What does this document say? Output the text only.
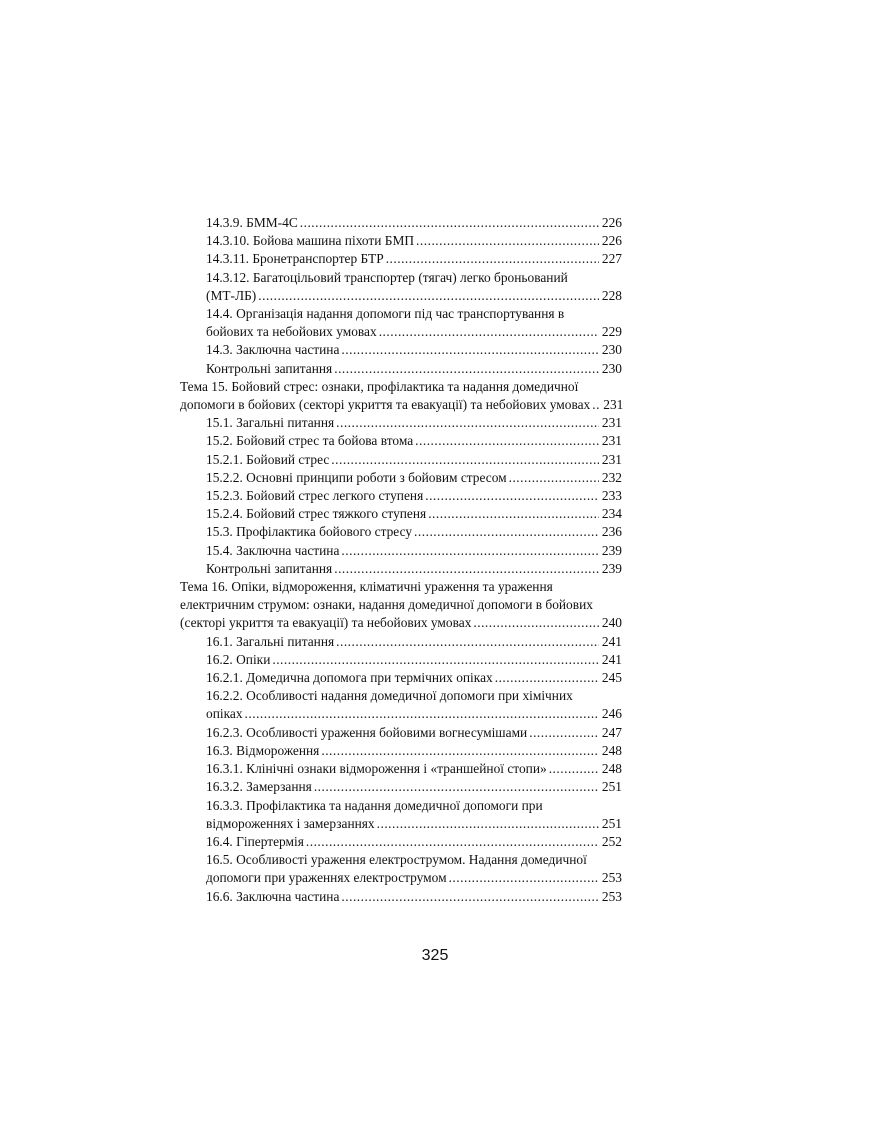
14.3.9. БММ-4С .....	226
14.3.10. Бойова машина піхоти БМП .....	226
14.3.11. Бронетранспортер БТР .....	227
14.3.12. Багатоцільовий транспортер (тягач) легко броньований
(МТ-ЛБ) .....	228
14.4. Організація надання допомоги під час транспортування в
бойових та небойових умовах .....	229
14.3. Заключна частина .....	230
Контрольні запитання .....	230
Тема 15. Бойовий стрес: ознаки, профілактика та надання домедичної
допомоги в бойових (секторі укриття та евакуації) та небойових умовах ..... 231
15.1. Загальні питання .....	231
15.2. Бойовий стрес та бойова втома .....	231
15.2.1. Бойовий стрес .....	231
15.2.2. Основні принципи роботи з бойовим стресом .....	232
15.2.3. Бойовий стрес легкого ступеня .....	233
15.2.4. Бойовий стрес тяжкого ступеня .....	234
15.3. Профілактика бойового стресу .....	236
15.4. Заключна частина .....	239
Контрольні запитання .....	239
Тема 16. Опіки, відмороження, кліматичні ураження та ураження
електричним струмом: ознаки, надання домедичної допомоги в бойових
(секторі укриття та евакуації) та небойових умовах .....	240
16.1. Загальні питання .....	241
16.2. Опіки .....	241
16.2.1. Домедична допомога при термічних опіках .....	245
16.2.2. Особливості надання домедичної допомоги при хімічних
опіках .....	246
16.2.3. Особливості ураження бойовими вогнесумішами .....	247
16.3. Відмороження .....	248
16.3.1. Клінічні ознаки відмороження і «траншейної стопи» .....	248
16.3.2. Замерзання .....	251
16.3.3. Профілактика та надання домедичної допомоги при
відмороженнях і замерзаннях .....	251
16.4. Гіпертермія .....	252
16.5. Особливості ураження електрострумом. Надання домедичної
допомоги при ураженнях електрострумом .....	253
16.6. Заключна частина .....	253
325
